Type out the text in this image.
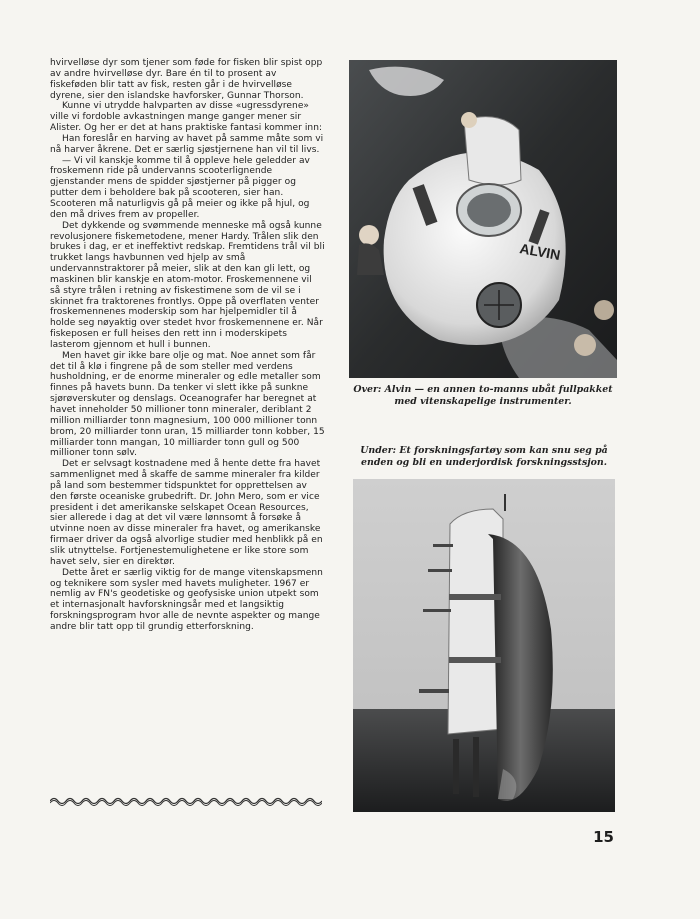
hvirvelløse dyr som tjener som føde for fisken blir spist opp av andre hvirvelløse dyr. Bare én til to prosent av fiskeføden blir tatt av fisk, resten går i de hvirvelløse dyrene, sier den islandske havforsker, Gunnar Thorson.

Kunne vi utrydde halvparten av disse «ugressdyrene» ville vi fordoble avkastningen mange ganger mener sir Alister. Og her er det at hans praktiske fantasi kommer inn:

Han foreslår en harving av havet på samme måte som vi nå harver åkrene. Det er særlig sjøstjernene han vil til livs.

— Vi vil kanskje komme til å oppleve hele geledder av froskemenn ride på undervanns scooterlignende gjenstander mens de spidder sjøstjerner på pigger og putter dem i beholdere bak på scooteren, sier han. Scooteren må naturligvis gå på meier og ikke på hjul, og den må drives frem av propeller.

Det dykkende og svømmende menneske må også kunne revolusjonere fiskemetodene, mener Hardy. Trålen slik den brukes i dag, er et ineffektivt redskap. Fremtidens trål vil bli trukket langs havbunnen ved hjelp av små undervannstraktorer på meier, slik at den kan gli lett, og maskinen blir kanskje en atom-motor. Froskemennene vil så styre trålen i retning av fiskestimene som de vil se i skinnet fra traktorenes frontlys. Oppe på overflaten venter froskemennenes moderskip som har hjelpemidler til å holde seg nøyaktig over stedet hvor froskemennene er. Når fiskeposen er full heises den rett inn i moderskipets lasterom gjennom et hull i bunnen.

Men havet gir ikke bare olje og mat. Noe annet som får det til å klø i fingrene på de som steller med verdens husholdning, er de enorme mineraler og edle metaller som finnes på havets bunn. Da tenker vi slett ikke på sunkne sjørøverskuter og denslags. Oceanografer har beregnet at havet inneholder 50 millioner tonn mineraler, deriblant 2 million milliarder tonn magnesium, 100 000 millioner tonn brom, 20 milliarder tonn uran, 15 milliarder tonn kobber, 15 milliarder tonn mangan, 10 milliarder tonn gull og 500 millioner tonn sølv.

Det er selvsagt kostnadene med å hente dette fra havet sammenlignet med å skaffe de samme mineraler fra kilder på land som bestemmer tidspunktet for opprettelsen av den første oceaniske grubedrift. Dr. John Mero, som er vice president i det amerikanske selskapet Ocean Resources, sier allerede i dag at det vil være lønnsomt å forsøke å utvinne noen av disse mineraler fra havet, og amerikanske firmaer driver da også alvorlige studier med henblikk på en slik utnyttelse. Fortjenestemulighetene er like store som havet selv, sier en direktør.

Dette året er særlig viktig for de mange vitenskapsmenn og teknikere som sysler med havets muligheter. 1967 er nemlig av FN's geodetiske og geofysiske union utpekt som et internasjonalt havforskningsår med et langsiktig forskningsprogram hvor alle de nevnte aspekter og mange andre blir tatt opp til grundig etterforskning.

ALVIN
Over: Alvin — en annen to-manns ubåt fullpakket med vitenskapelige instrumenter.
Under: Et forskningsfartøy som kan snu seg på enden og bli en underjordisk forskningsstsjon.
15
